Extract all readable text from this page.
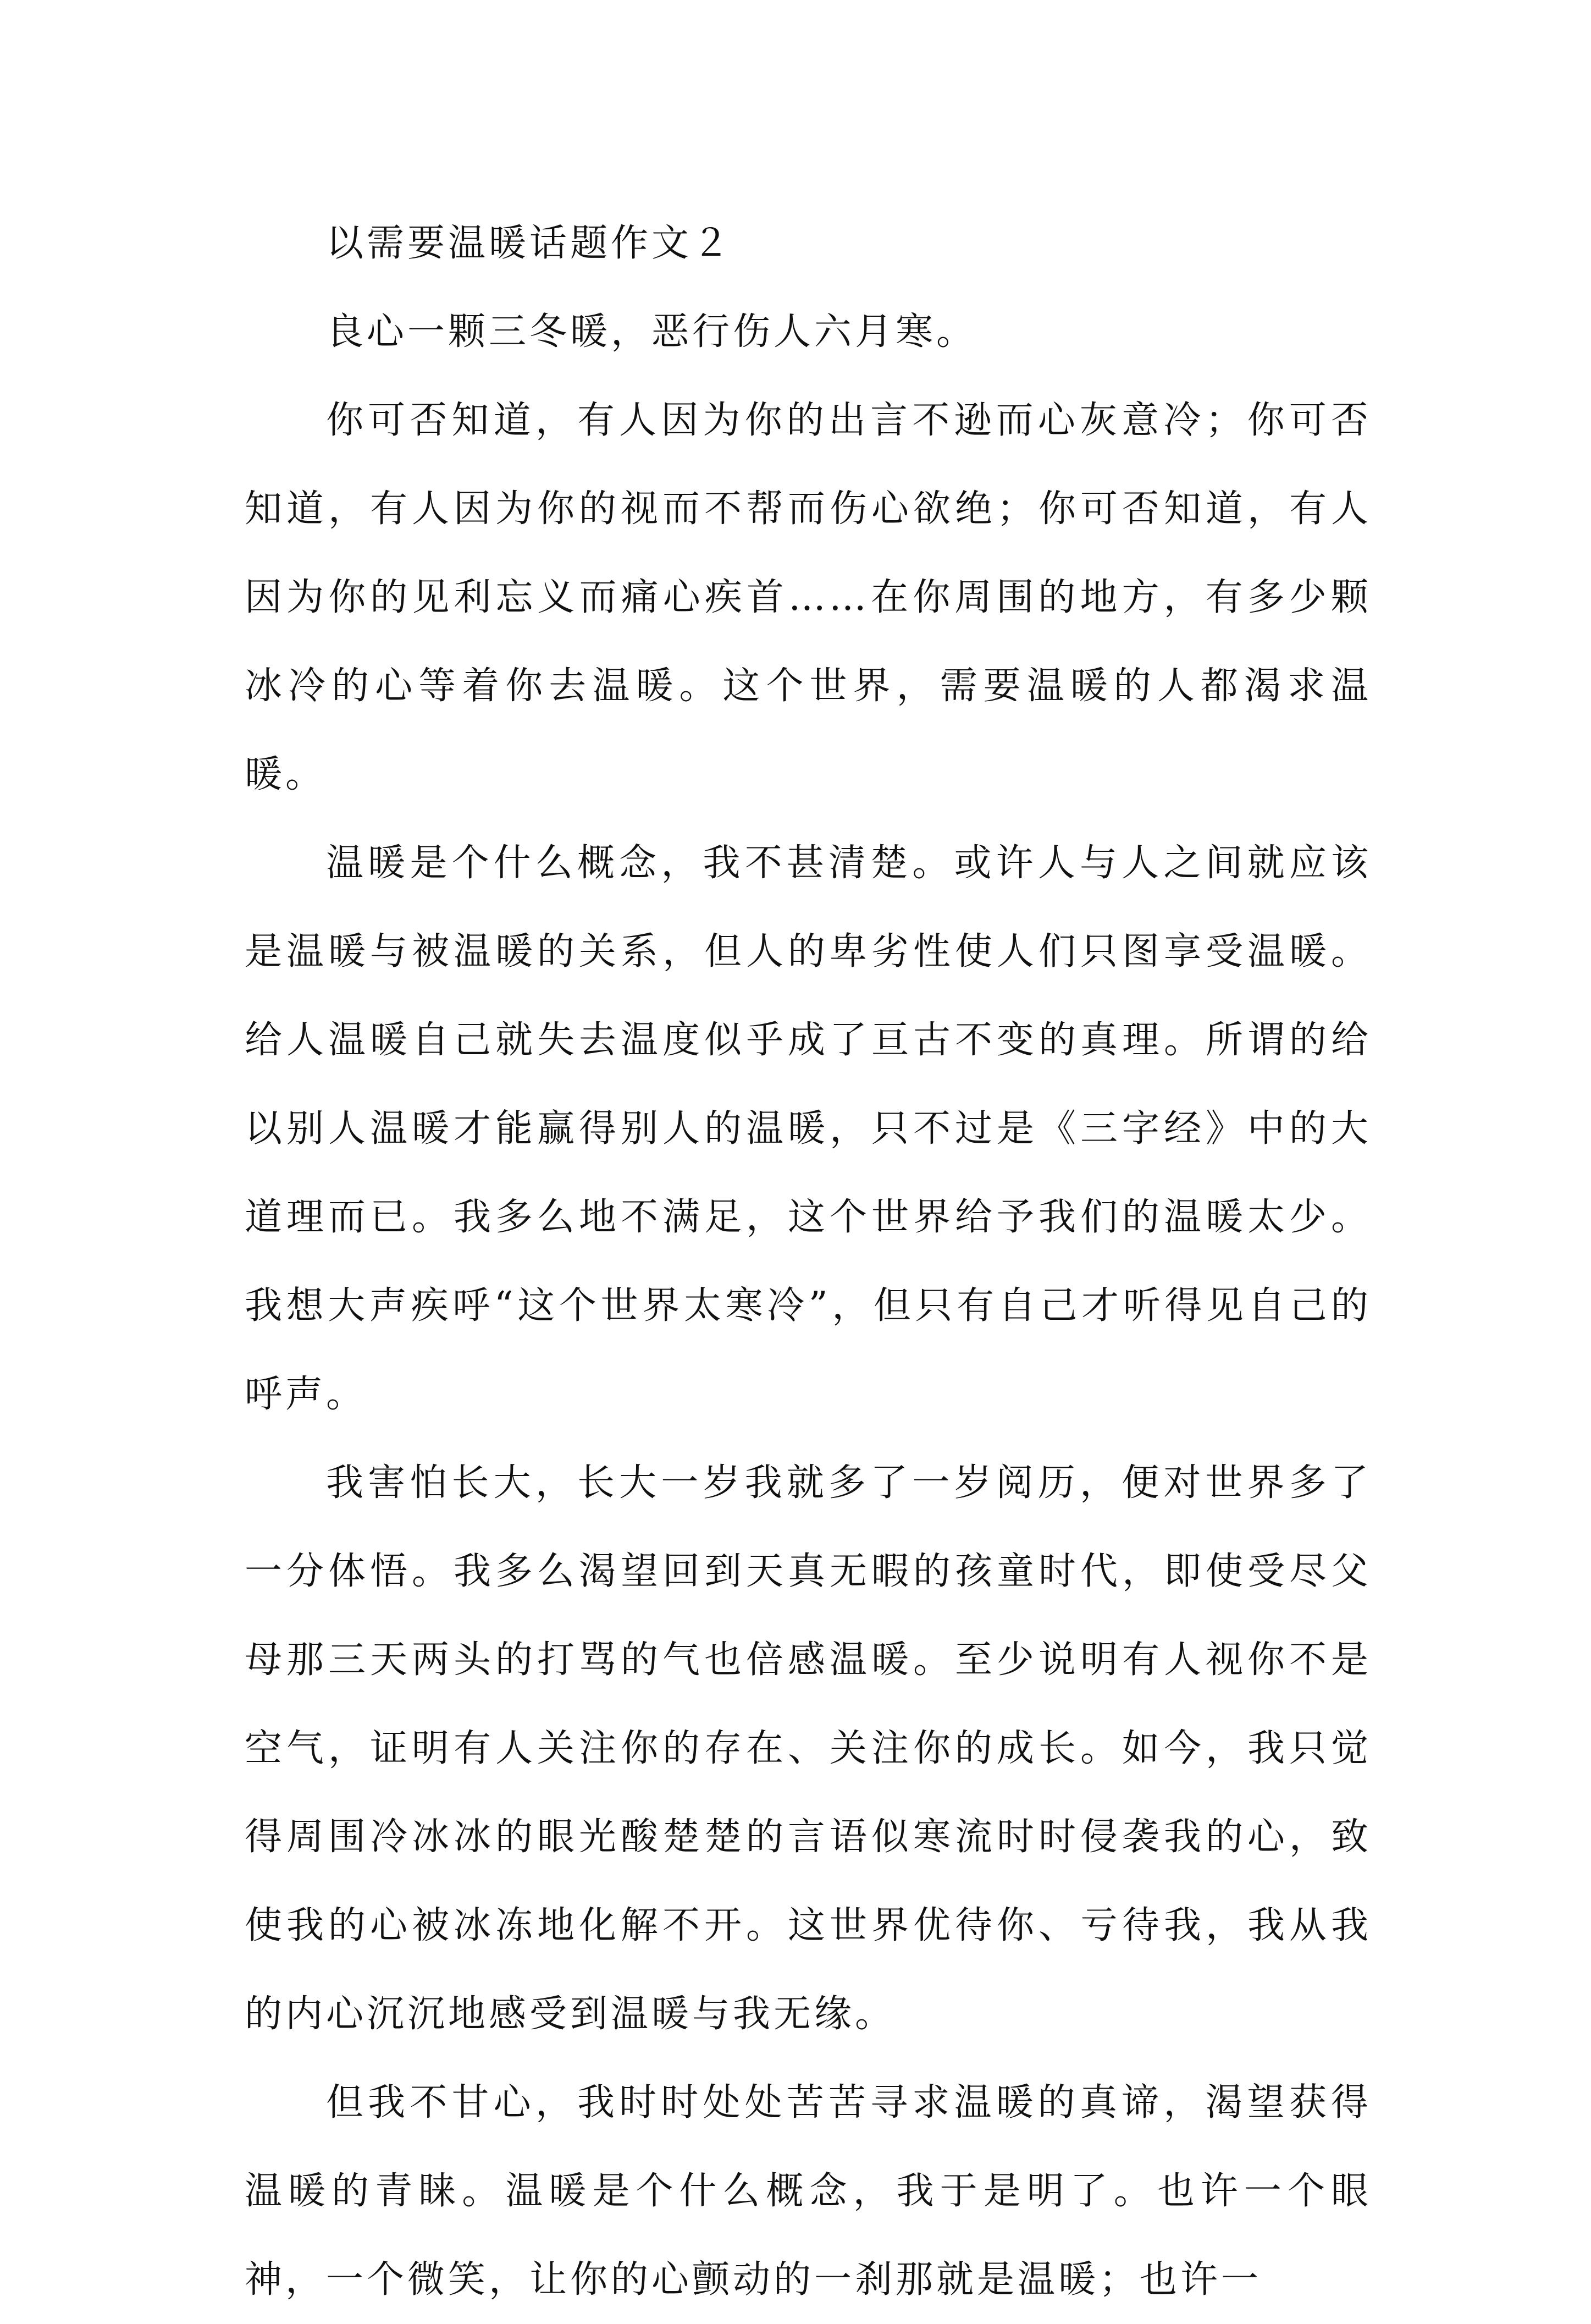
以需要温暖话题作文２

良心一颗三冬暖，恶行伤人六月寒。

你可否知道，有人因为你的出言不逊而心灰意冷；你可否知道，有人因为你的视而不帮而伤心欲绝；你可否知道，有人因为你的见利忘义而痛心疾首……在你周围的地方，有多少颗冰冷的心等着你去温暖。这个世界，需要温暖的人都渴求温暖。

温暖是个什么概念，我不甚清楚。或许人与人之间就应该是温暖与被温暖的关系，但人的卑劣性使人们只图享受温暖。给人温暖自己就失去温度似乎成了亘古不变的真理。所谓的给以别人温暖才能赢得别人的温暖，只不过是《三字经》中的大道理而已。我多么地不满足，这个世界给予我们的温暖太少。我想大声疾呼“这个世界太寒冷”，但只有自己才听得见自己的呼声。

我害怕长大，长大一岁我就多了一岁阅历，便对世界多了一分体悟。我多么渴望回到天真无暇的孩童时代，即使受尽父母那三天两头的打骂的气也倍感温暖。至少说明有人视你不是空气，证明有人关注你的存在、关注你的成长。如今，我只觉得周围冷冰冰的眼光酸楚楚的言语似寒流时时侵袭我的心，致使我的心被冰冻地化解不开。这世界优待你、亏待我，我从我的内心沉沉地感受到温暖与我无缘。

但我不甘心，我时时处处苦苦寻求温暖的真谛，渴望获得温暖的青睐。温暖是个什么概念，我于是明了。也许一个眼神，一个微笑，让你的心颤动的一刹那就是温暖；也许一
